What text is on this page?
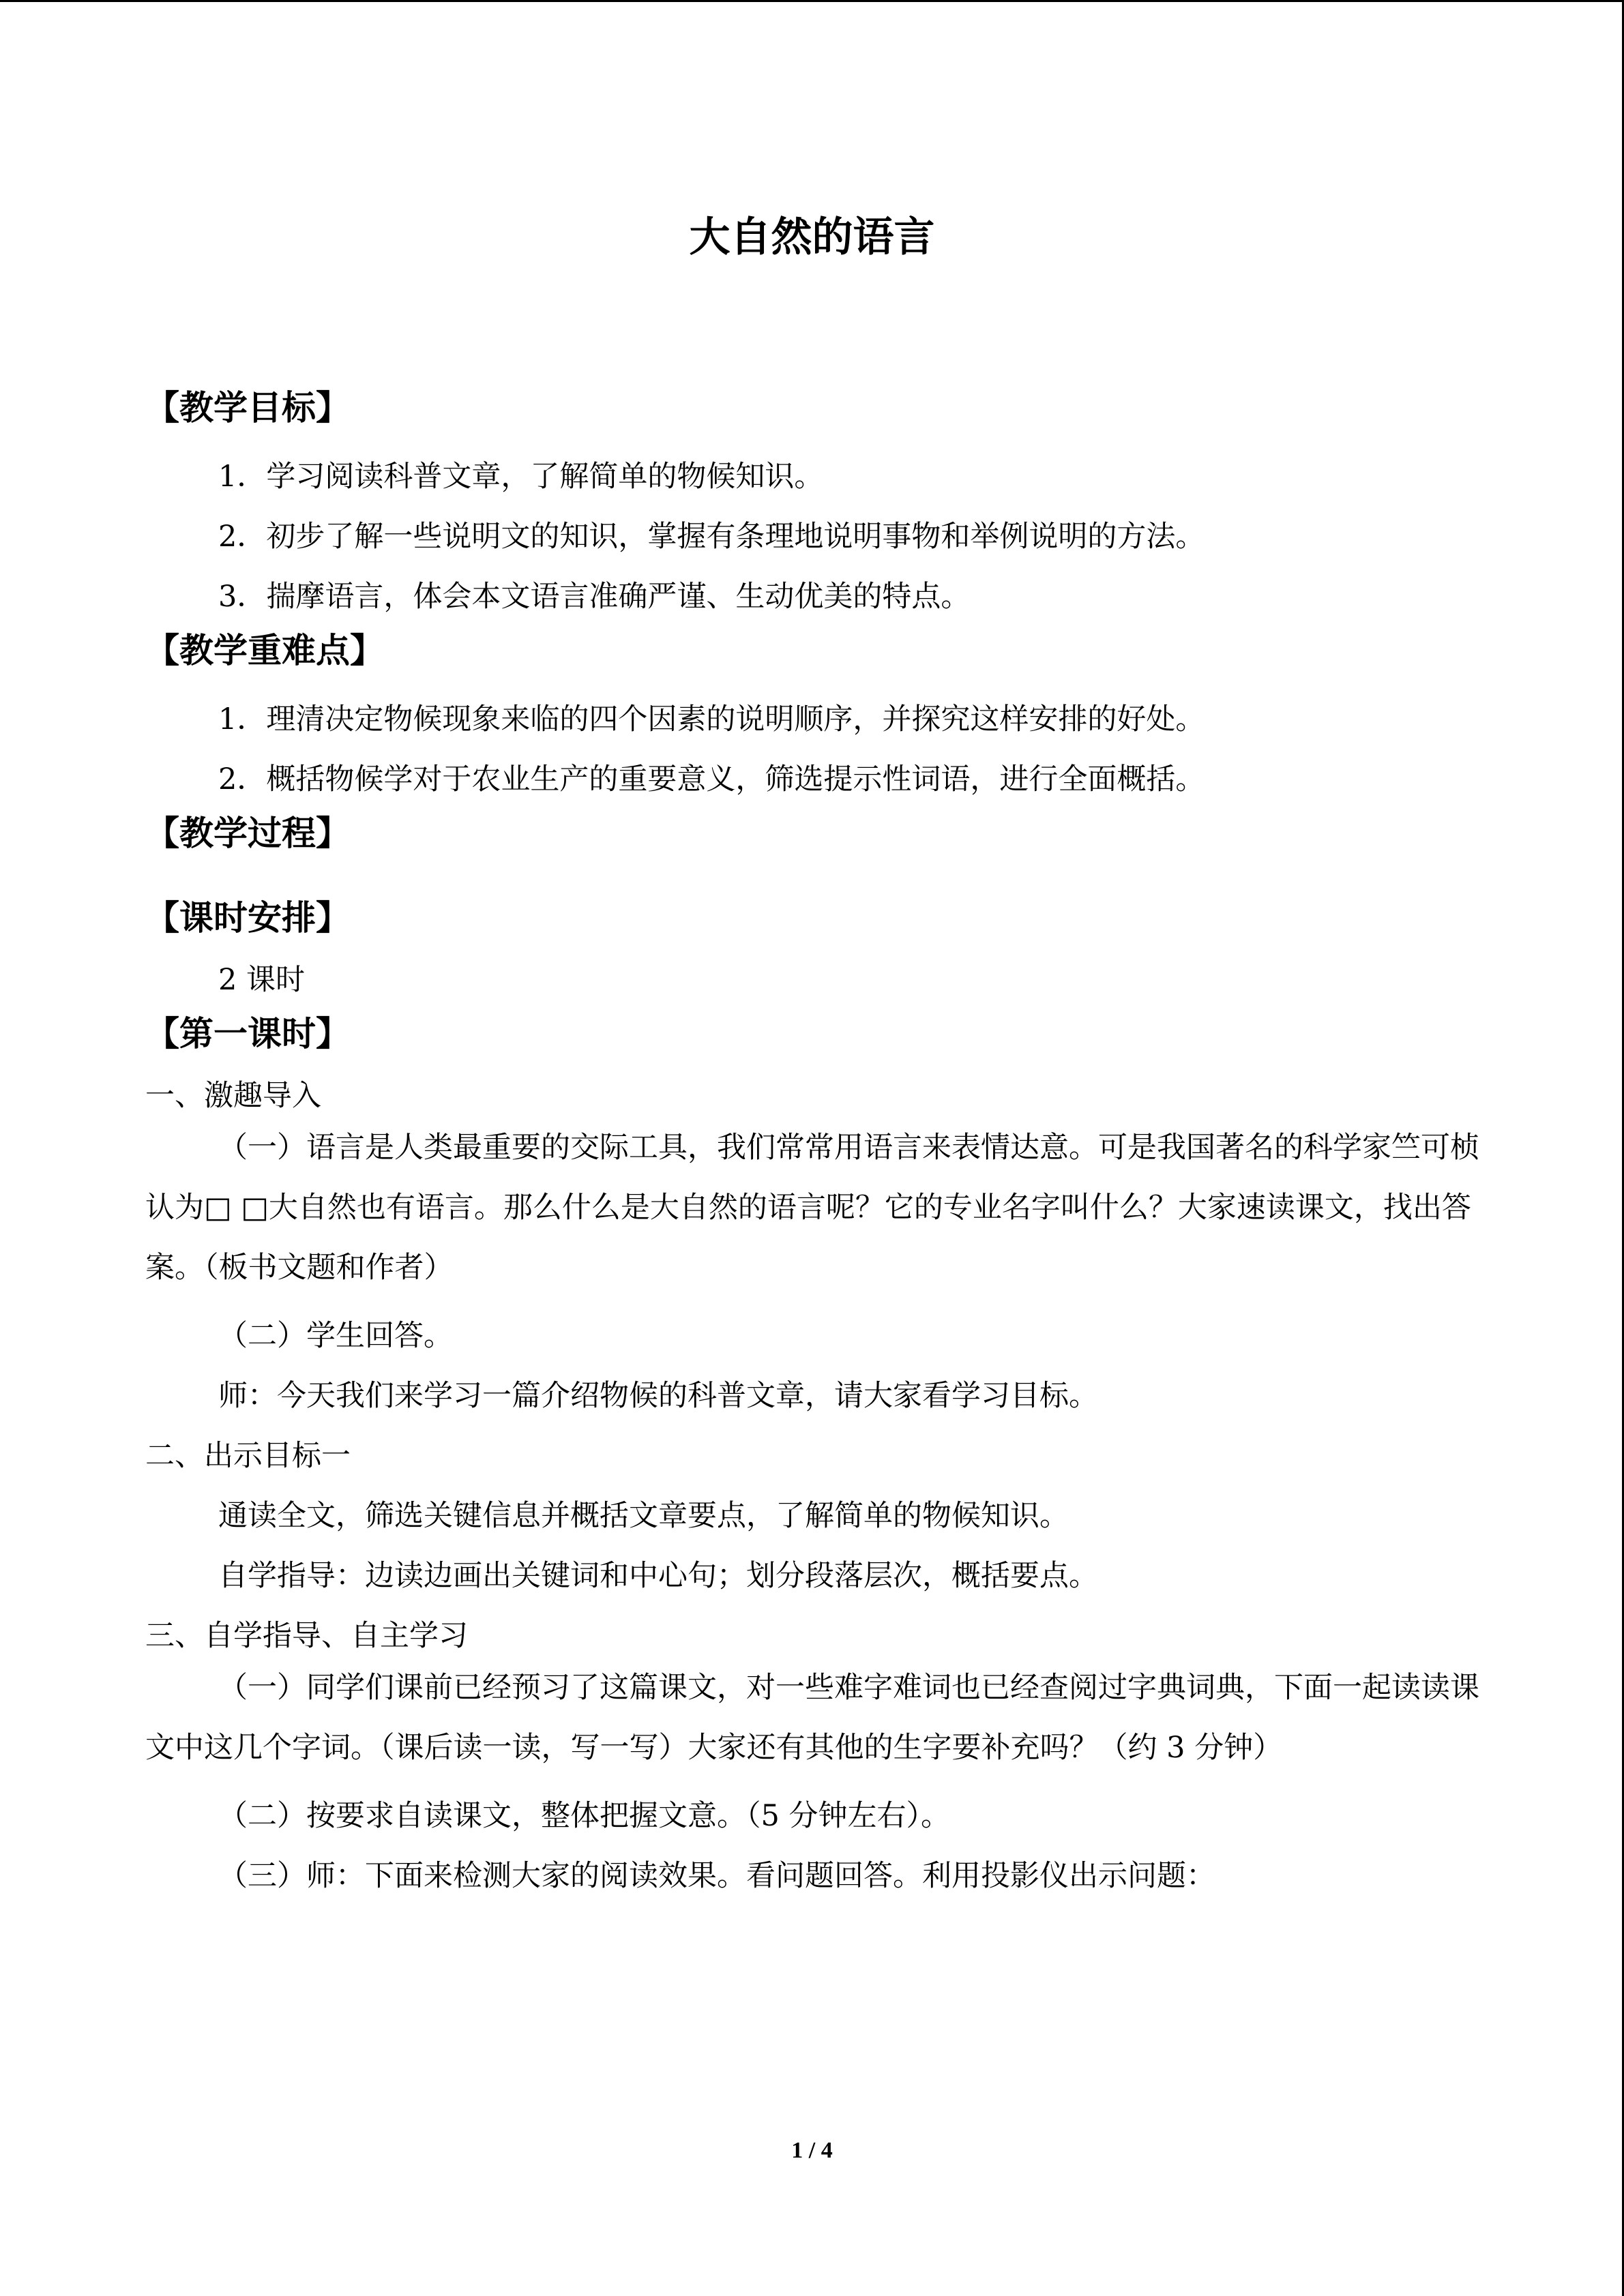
大自然的语言
【教学目标】
1．学习阅读科普文章，了解简单的物候知识。
2．初步了解一些说明文的知识，掌握有条理地说明事物和举例说明的方法。
3．揣摩语言，体会本文语言准确严谨、生动优美的特点。
【教学重难点】
1．理清决定物候现象来临的四个因素的说明顺序，并探究这样安排的好处。
2．概括物候学对于农业生产的重要意义，筛选提示性词语，进行全面概括。
【教学过程】
【课时安排】
2 课时
【第一课时】
一、激趣导入

（一）语言是人类最重要的交际工具，我们常常用语言来表情达意。可是我国著名的科学家竺可桢认为□ □大自然也有语言。那么什么是大自然的语言呢？它的专业名字叫什么？大家速读课文，找出答案。（板书文题和作者）

（二）学生回答。
师：今天我们来学习一篇介绍物候的科普文章，请大家看学习目标。
二、出示目标一
通读全文，筛选关键信息并概括文章要点，了解简单的物候知识。
自学指导：边读边画出关键词和中心句；划分段落层次，概括要点。
三、自学指导、自主学习

（一）同学们课前已经预习了这篇课文，对一些难字难词也已经查阅过字典词典，下面一起读读课文中这几个字词。（课后读一读，写一写）大家还有其他的生字要补充吗？（约 3 分钟）

（二）按要求自读课文，整体把握文意。（5 分钟左右）。
（三）师：下面来检测大家的阅读效果。看问题回答。利用投影仪出示问题：
1 / 4
